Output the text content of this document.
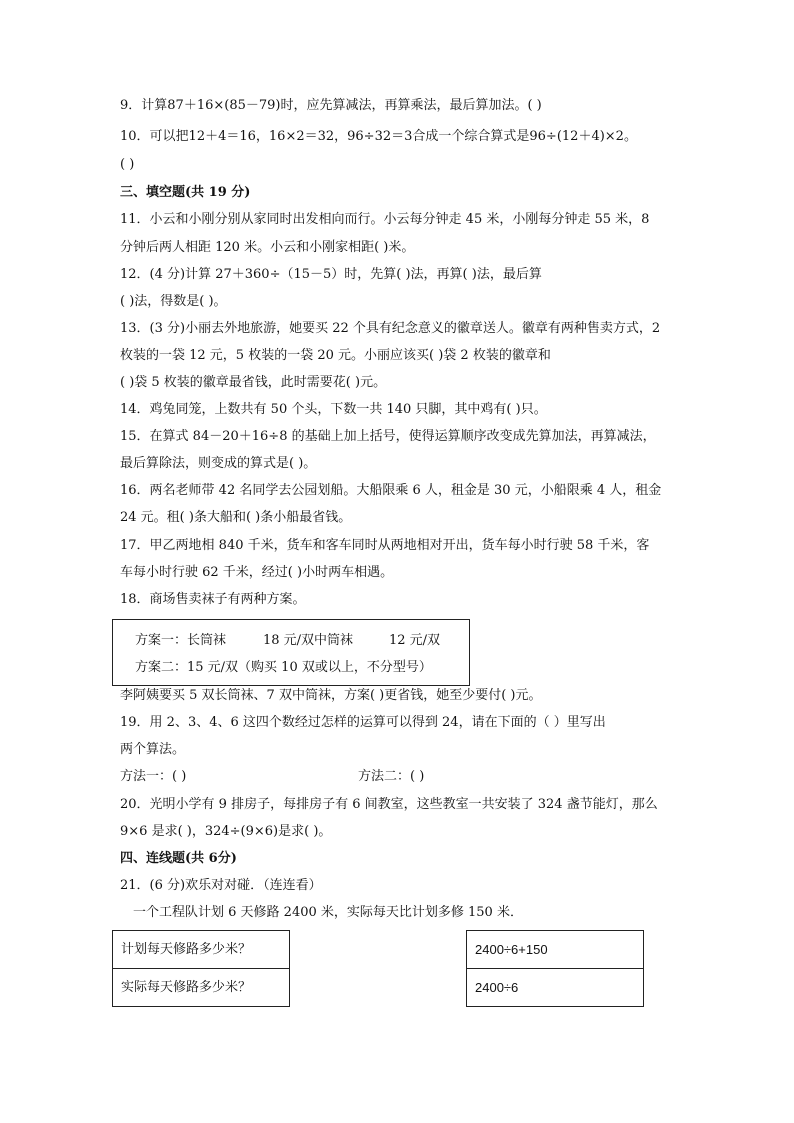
9．计算87＋16×(85－79)时，应先算减法，再算乘法，最后算加法。( )
10．可以把12＋4＝16，16×2＝32，96÷32＝3合成一个综合算式是96÷(12＋4)×2。
( )
三、填空题(共 19 分)
11．小云和小刚分别从家同时出发相向而行。小云每分钟走 45 米，小刚每分钟走 55 米，8
分钟后两人相距 120 米。小云和小刚家相距( )米。
12．(4 分)计算 27＋360÷（15－5）时，先算( )法，再算( )法，最后算
( )法，得数是( )。
13．(3 分)小丽去外地旅游，她要买 22 个具有纪念意义的徽章送人。徽章有两种售卖方式，2
枚装的一袋 12 元，5 枚装的一袋 20 元。小丽应该买( )袋 2 枚装的徽章和
( )袋 5 枚装的徽章最省钱，此时需要花( )元。
14．鸡兔同笼，上数共有 50 个头，下数一共 140 只脚，其中鸡有( )只。
15．在算式 84－20＋16÷8 的基础上加上括号，使得运算顺序改变成先算加法，再算减法，
最后算除法，则变成的算式是( )。
16．两名老师带 42 名同学去公园划船。大船限乘 6 人，租金是 30 元，小船限乘 4 人，租金
24 元。租( )条大船和( )条小船最省钱。
17．甲乙两地相 840 千米，货车和客车同时从两地相对开出，货车每小时行驶 58 千米，客
车每小时行驶 62 千米，经过( )小时两车相遇。
18．商场售卖袜子有两种方案。
方案一：长筒袜	18 元/双中筒袜	12 元/双
方案二：15 元/双（购买 10 双或以上，不分型号）
李阿姨要买 5 双长筒袜、7 双中筒袜，方案( )更省钱，她至少要付( )元。
19．用 2、3、4、6 这四个数经过怎样的运算可以得到 24，请在下面的（ ）里写出
两个算法。
方法一：( )	方法二：( )
20．光明小学有 9 排房子，每排房子有 6 间教室，这些教室一共安装了 324 盏节能灯，那么
9×6 是求( )，324÷(9×6)是求( )。
四、连线题(共 6分)
21．(6 分)欢乐对对碰．（连连看）
一个工程队计划 6 天修路 2400 米，实际每天比计划多修 150 米．
计划每天修路多少米？
实际每天修路多少米？
2400÷6+150
2400÷6
